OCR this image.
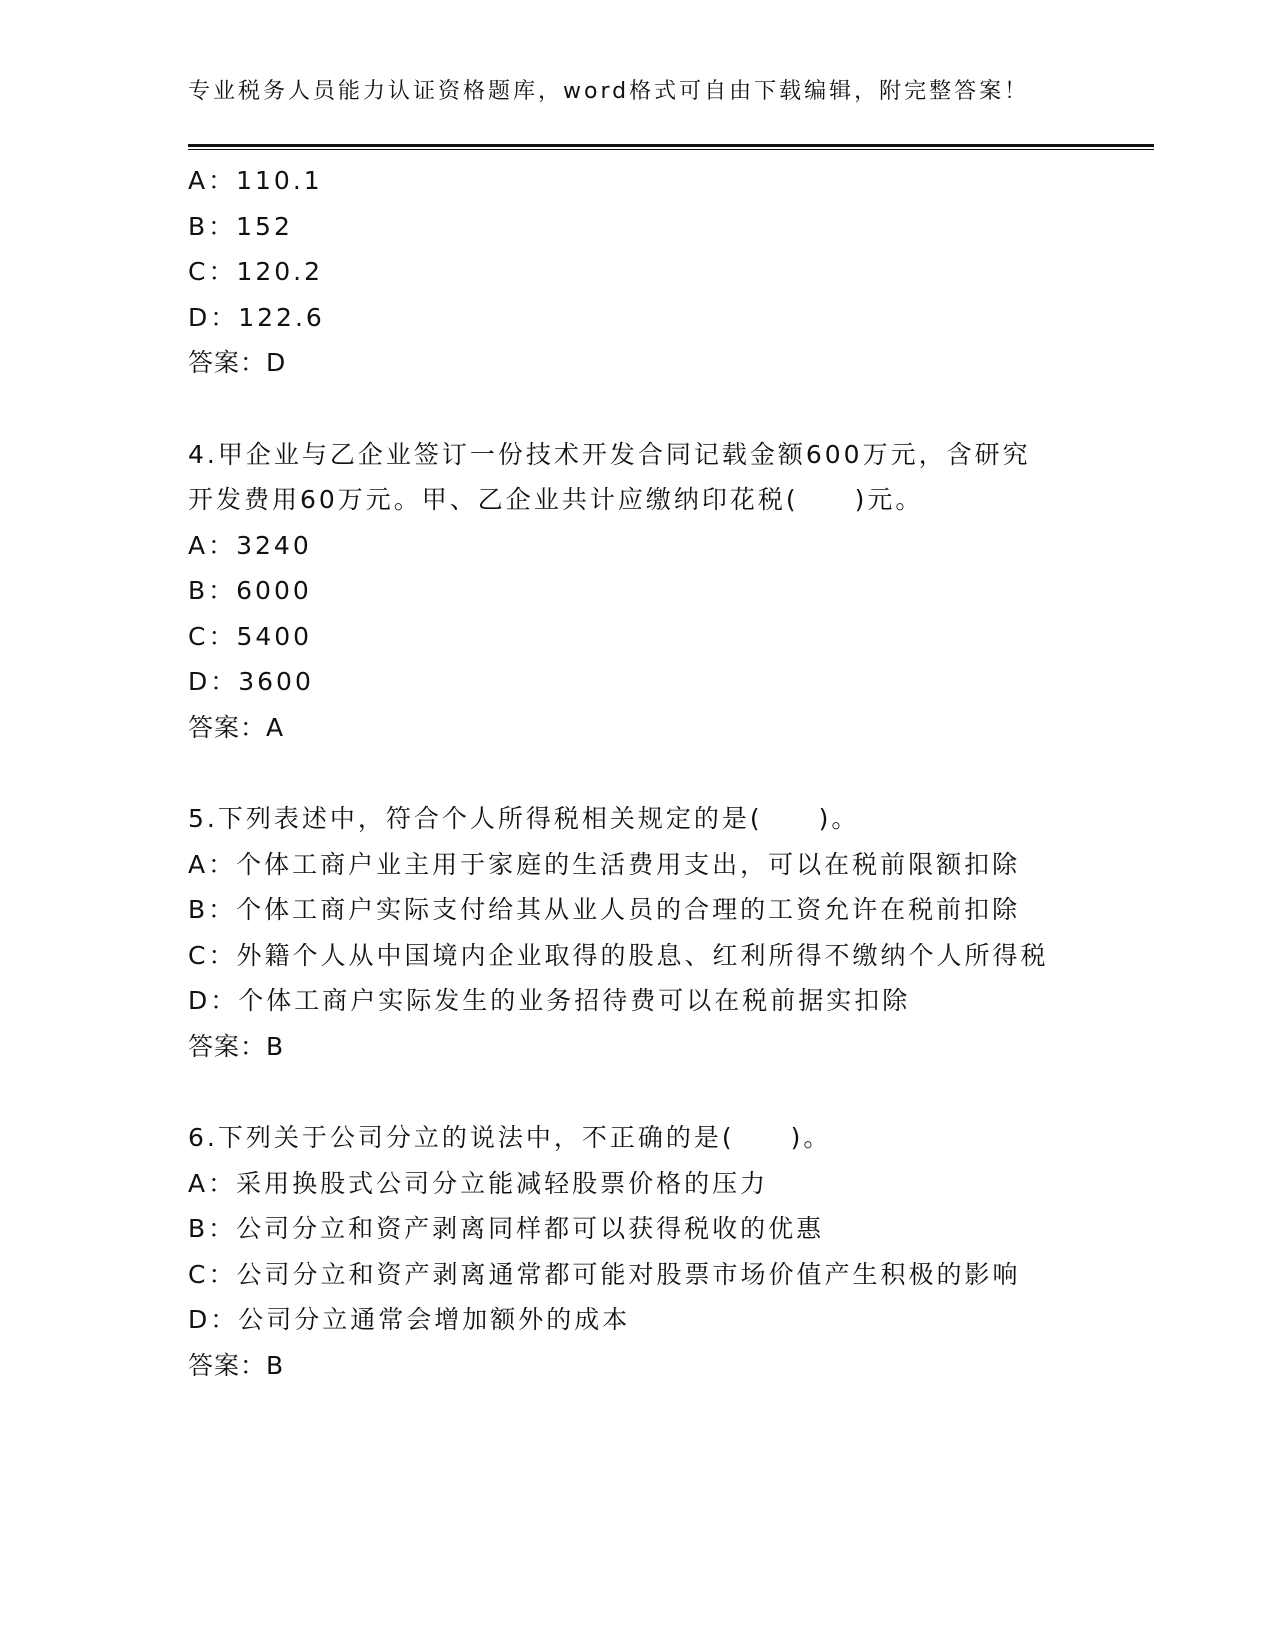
专业税务人员能力认证资格题库，word格式可自由下载编辑，附完整答案！
A：110.1
B：152
C：120.2
D：122.6
答案：D
4.甲企业与乙企业签订一份技术开发合同记载金额600万元，含研究
开发费用60万元。甲、乙企业共计应缴纳印花税(　　)元。
A：3240
B：6000
C：5400
D：3600
答案：A
5.下列表述中，符合个人所得税相关规定的是(　　)。
A：个体工商户业主用于家庭的生活费用支出，可以在税前限额扣除
B：个体工商户实际支付给其从业人员的合理的工资允许在税前扣除
C：外籍个人从中国境内企业取得的股息、红利所得不缴纳个人所得税
D：个体工商户实际发生的业务招待费可以在税前据实扣除
答案：B
6.下列关于公司分立的说法中，不正确的是(　　)。
A：采用换股式公司分立能减轻股票价格的压力
B：公司分立和资产剥离同样都可以获得税收的优惠
C：公司分立和资产剥离通常都可能对股票市场价值产生积极的影响
D：公司分立通常会增加额外的成本
答案：B
